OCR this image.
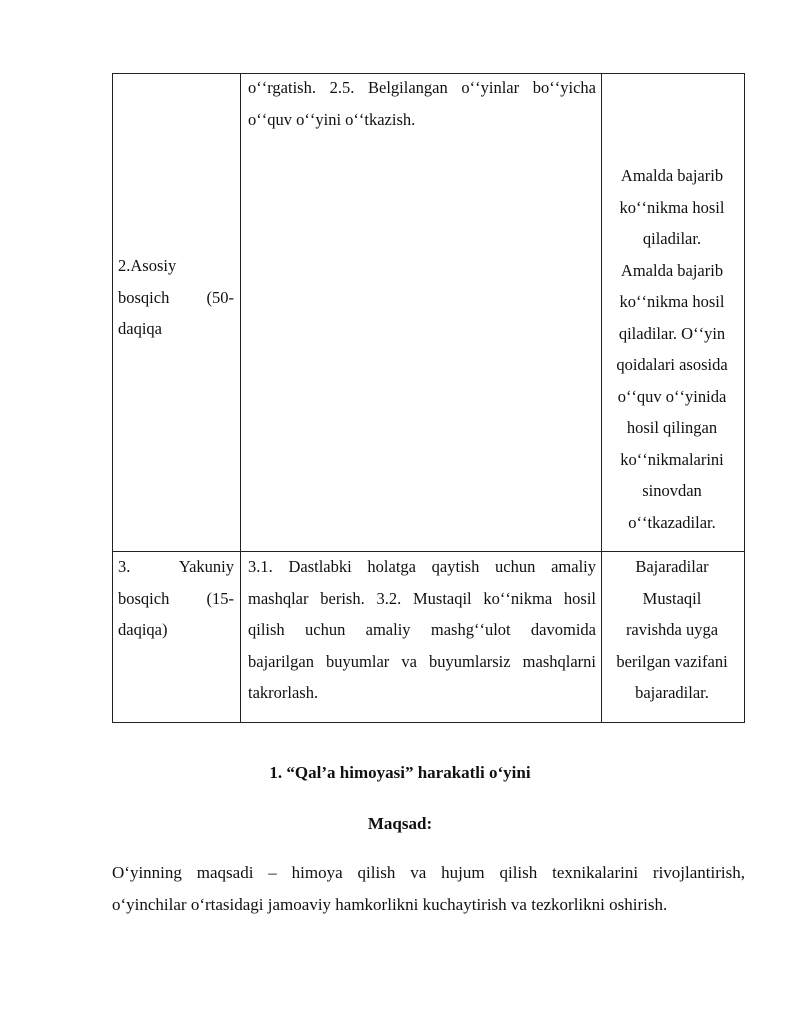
2.Asosiy
bosqich (50-
daqiqa
oʻʻrgatish. 2.5. Belgilangan oʻʻyinlar boʻʻyicha
oʻʻquv oʻʻyini oʻʻtkazish.
Amalda bajarib
koʻʻnikma hosil
qiladilar.
Amalda bajarib
koʻʻnikma hosil
qiladilar. Oʻʻyin
qoidalari asosida
oʻʻquv oʻʻyinida
hosil qilingan
koʻʻnikmalarini
sinovdan
oʻʻtkazadilar.
3. Yakuniy
bosqich (15-
daqiqa)
3.1. Dastlabki holatga qaytish uchun amaliy
mashqlar berish. 3.2. Mustaqil koʻʻnikma hosil
qilish uchun amaliy mashgʻʻulot davomida
bajarilgan buyumlar va buyumlarsiz mashqlarni
takrorlash.
Bajaradilar
Mustaqil
ravishda uyga
berilgan vazifani
bajaradilar.
1. “Qal’a himoyasi” harakatli oʻyini
Maqsad:
Oʻyinning maqsadi – himoya qilish va hujum qilish texnikalarini rivojlantirish,
oʻyinchilar oʻrtasidagi jamoaviy hamkorlikni kuchaytirish va tezkorlikni oshirish.
